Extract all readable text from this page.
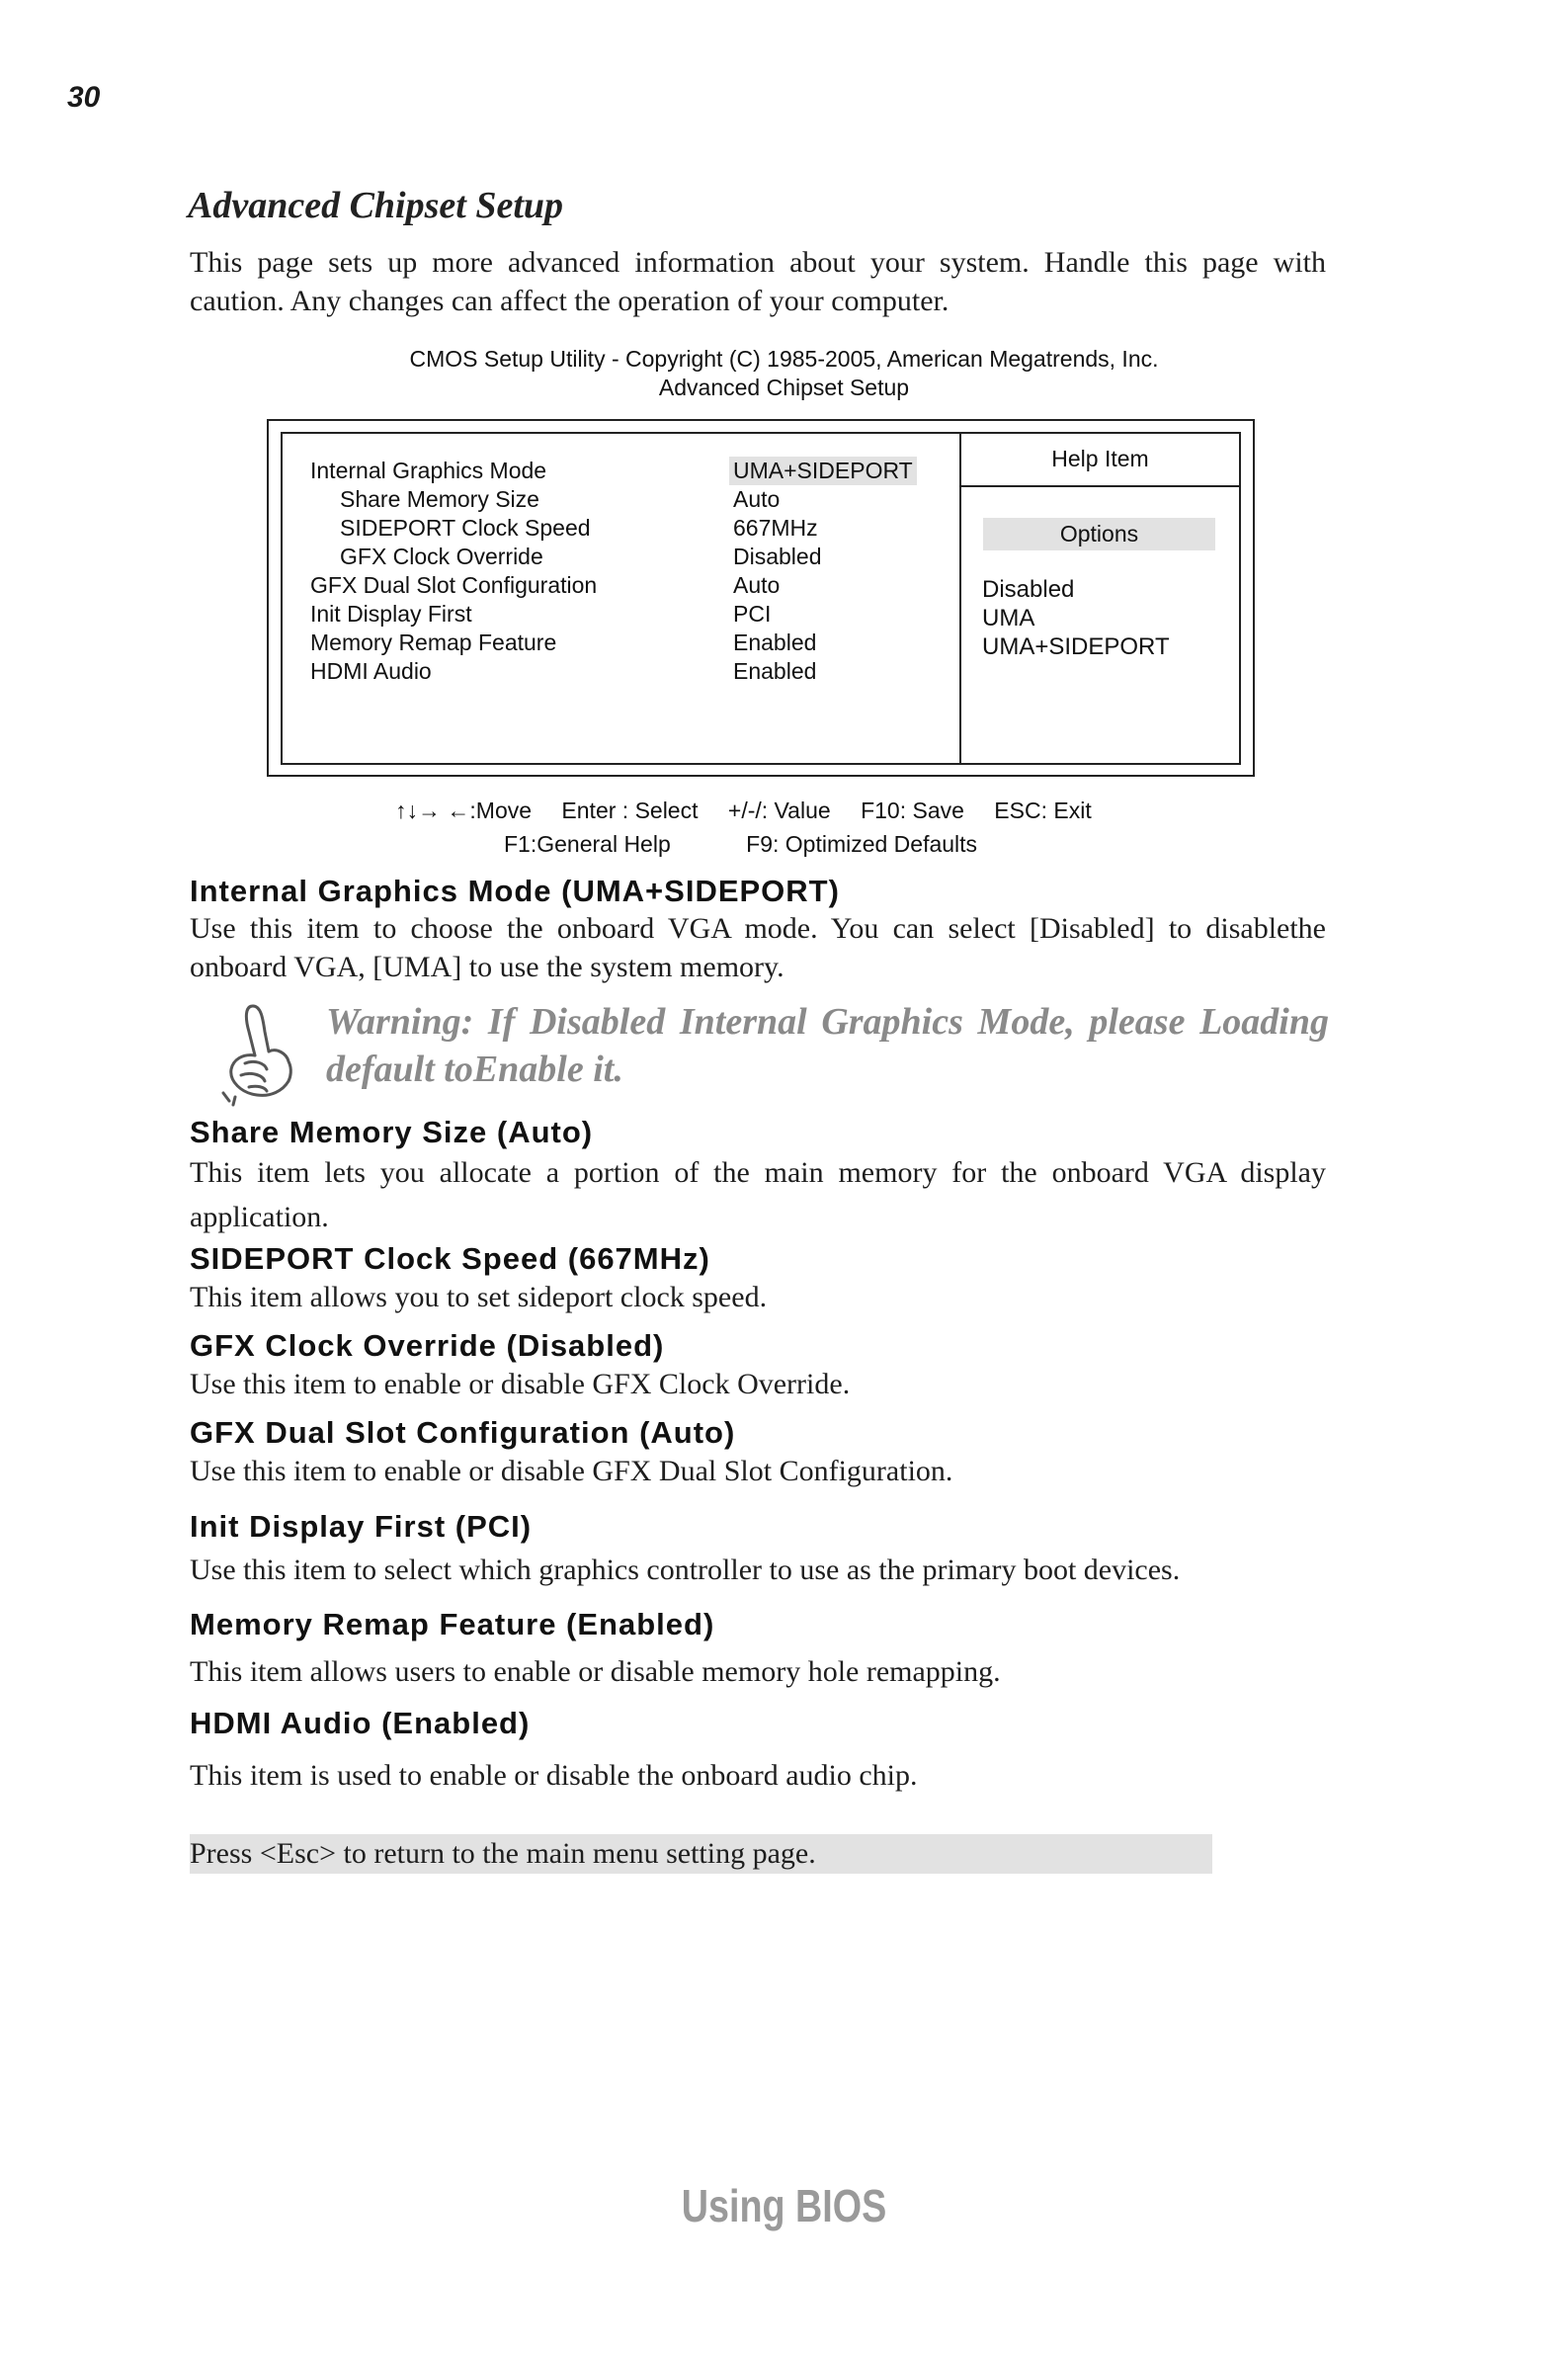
30
Advanced Chipset Setup
This page sets up more advanced information about your system. Handle this page with caution. Any changes can affect the operation of your computer.
CMOS Setup Utility - Copyright (C) 1985-2005, American Megatrends, Inc.
Advanced Chipset Setup
Internal Graphics Mode
Share Memory Size
SIDEPORT Clock Speed
GFX Clock Override
GFX Dual Slot Configuration
Init Display First
Memory Remap Feature
HDMI Audio
UMA+SIDEPORT
Auto
667MHz
Disabled
Auto
PCI
Enabled
Enabled
Help Item
Options
Disabled
UMA
UMA+SIDEPORT
↑↓→ ←:Move Enter : Select +/-/: Value F10: Save ESC: Exit
F1:General Help	F9: Optimized Defaults
Internal Graphics Mode (UMA+SIDEPORT)
Use this item to choose the onboard VGA mode. You can select [Disabled] to disablethe onboard VGA, [UMA] to use the system memory.
Warning: If Disabled Internal Graphics Mode, please Loading default toEnable it.
Share Memory Size (Auto)
This item lets you allocate a portion of the main memory for the onboard VGA display application.
SIDEPORT Clock Speed (667MHz)
This item allows you to set sideport clock speed.
GFX Clock Override (Disabled)
Use this item to enable or disable GFX Clock Override.
GFX Dual Slot Configuration (Auto)
Use this item to enable or disable GFX Dual Slot Configuration.
Init Display First (PCI)
Use this item to select which graphics controller to use as the primary boot devices.
Memory Remap Feature (Enabled)
This item allows users to enable or disable memory hole remapping.
HDMI Audio (Enabled)
This item is used to enable or disable the onboard audio chip.
Press <Esc> to return to the main menu setting page.
Using BIOS
